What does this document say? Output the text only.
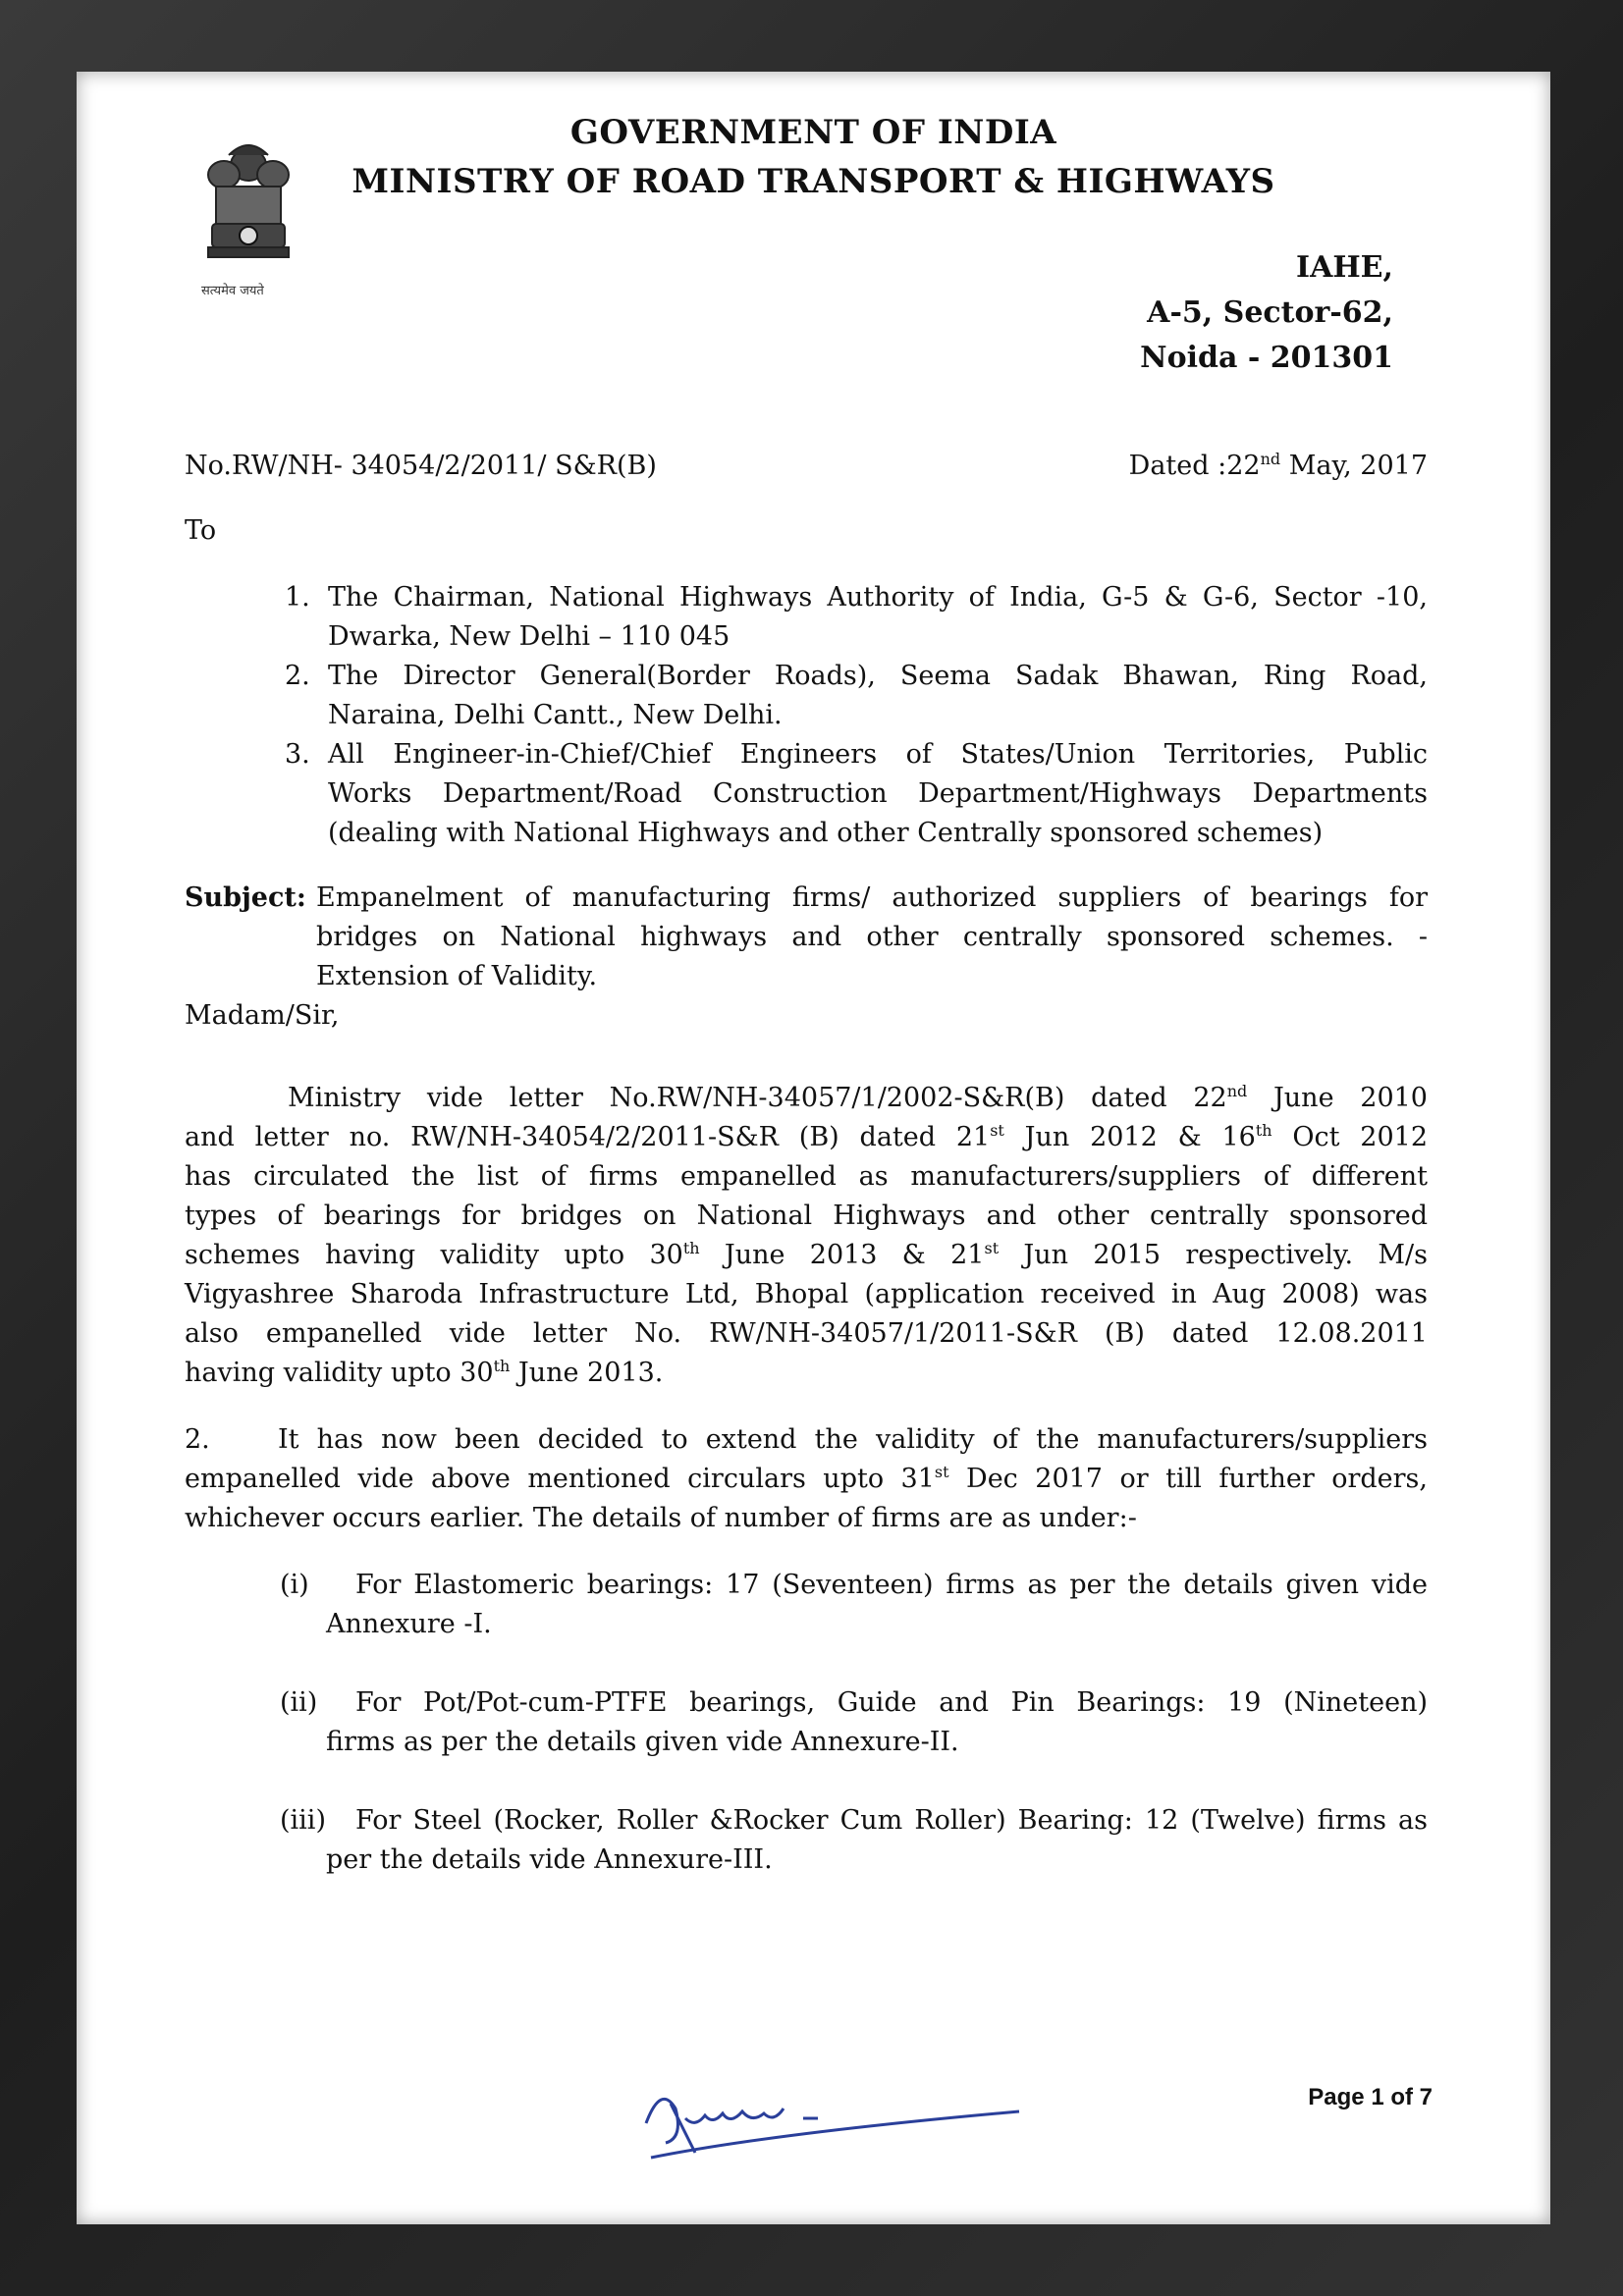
सत्यमेव जयते
GOVERNMENT OF INDIA
MINISTRY OF ROAD TRANSPORT & HIGHWAYS
IAHE,
A-5, Sector-62,
Noida - 201301
No.RW/NH- 34054/2/2011/ S&R(B)	Dated :22nd May, 2017
To
1. The Chairman, National Highways Authority of India, G-5 & G-6, Sector -10,
Dwarka, New Delhi – 110 045
2. The Director General(Border Roads), Seema Sadak Bhawan, Ring Road,
Naraina, Delhi Cantt., New Delhi.
3. All Engineer-in-Chief/Chief Engineers of States/Union Territories, Public
Works Department/Road Construction Department/Highways Departments
(dealing with National Highways and other Centrally sponsored schemes)
Subject: Empanelment of manufacturing firms/ authorized suppliers of bearings for
bridges on National highways and other centrally sponsored schemes. -
Extension of Validity.
Madam/Sir,
Ministry vide letter No.RW/NH-34057/1/2002-S&R(B) dated 22nd June 2010
and letter no. RW/NH-34054/2/2011-S&R (B) dated 21st Jun 2012 & 16th Oct 2012
has circulated the list of firms empanelled as manufacturers/suppliers of different
types of bearings for bridges on National Highways and other centrally sponsored
schemes having validity upto 30th June 2013 & 21st Jun 2015 respectively. M/s
Vigyashree Sharoda Infrastructure Ltd, Bhopal (application received in Aug 2008) was
also empanelled vide letter No. RW/NH-34057/1/2011-S&R (B) dated 12.08.2011
having validity upto 30th June 2013.
2.	It has now been decided to extend the validity of the manufacturers/suppliers
empanelled vide above mentioned circulars upto 31st Dec 2017 or till further orders,
whichever occurs earlier. The details of number of firms are as under:-
(i) For Elastomeric bearings: 17 (Seventeen) firms as per the details given vide
Annexure -I.
(ii) For Pot/Pot-cum-PTFE bearings, Guide and Pin Bearings: 19 (Nineteen)
firms as per the details given vide Annexure-II.
(iii) For Steel (Rocker, Roller &Rocker Cum Roller) Bearing: 12 (Twelve) firms as
per the details vide Annexure-III.
Page 1 of 7
